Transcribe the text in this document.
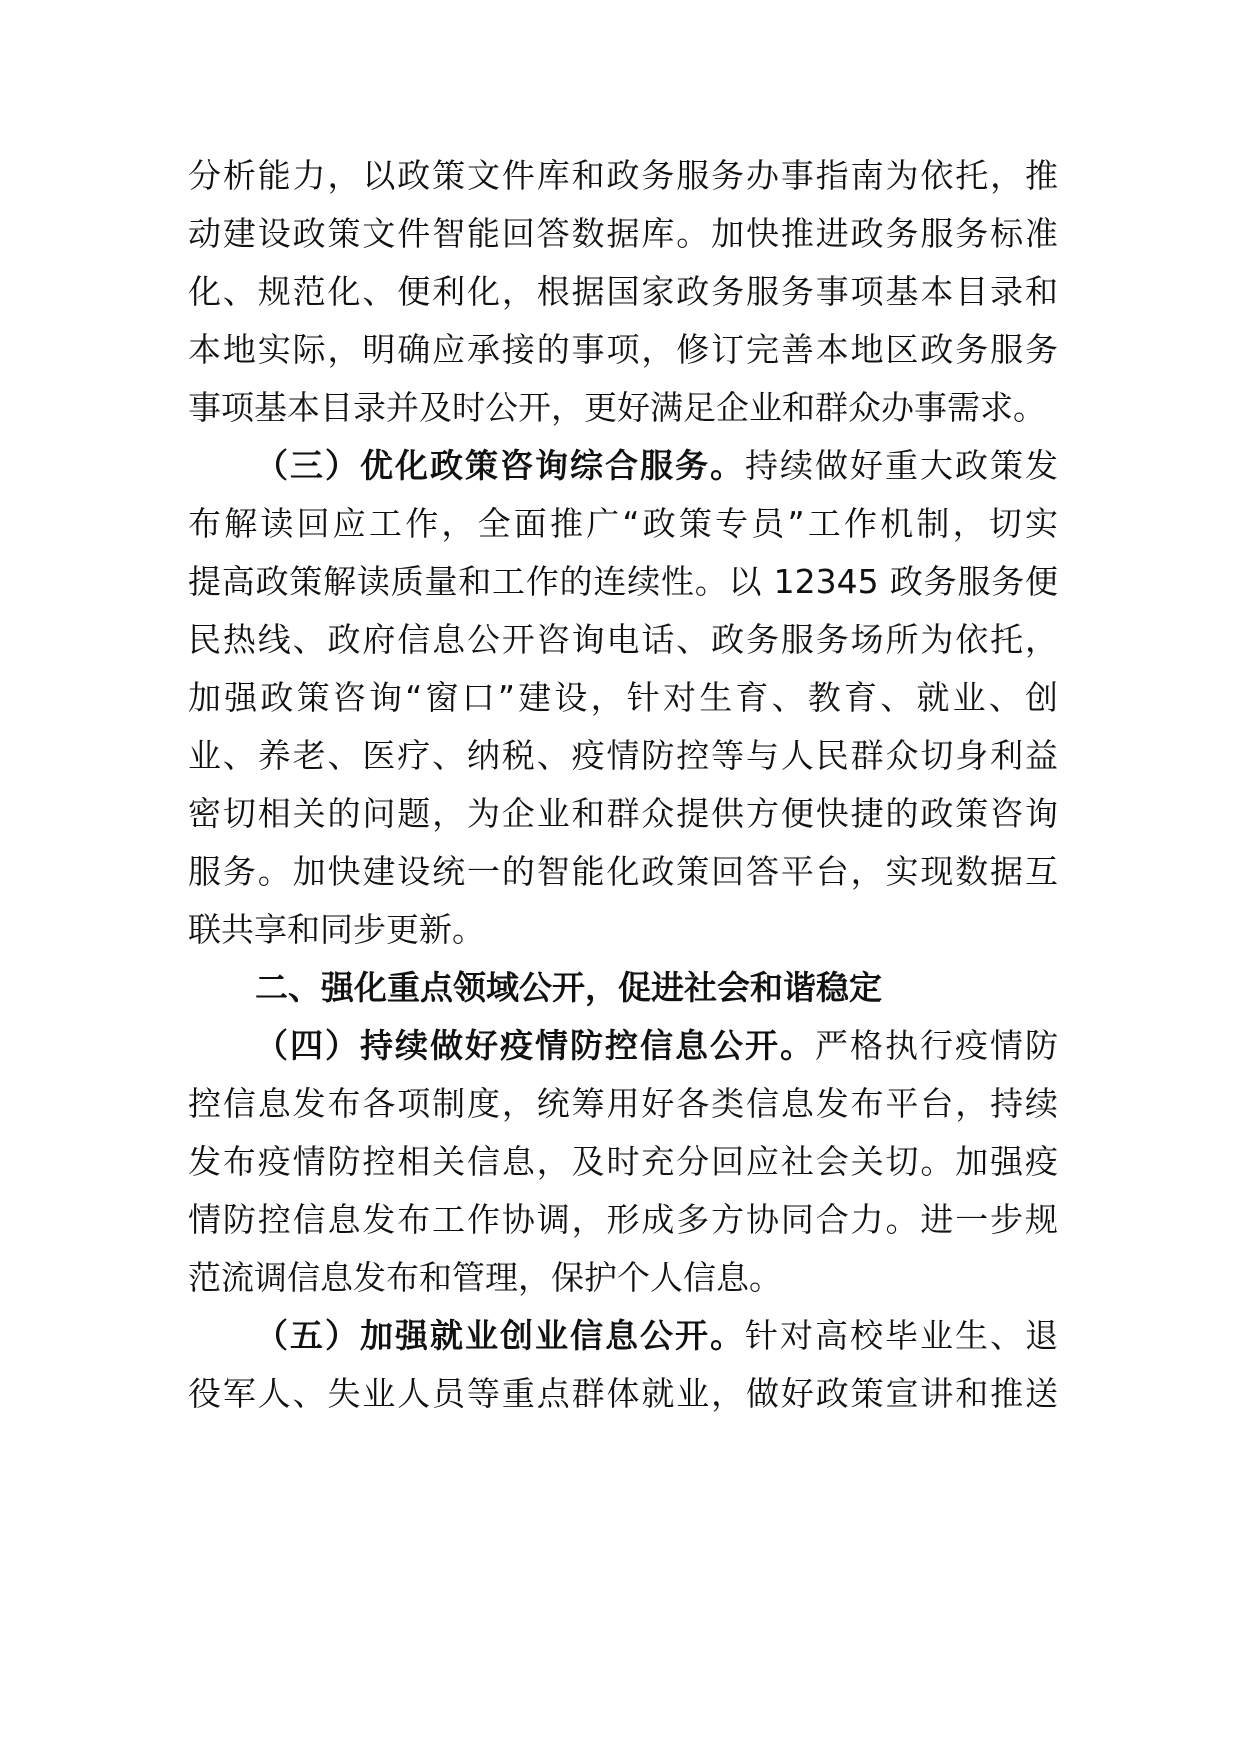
分析能力，以政策文件库和政务服务办事指南为依托，推
动建设政策文件智能回答数据库。加快推进政务服务标准
化、规范化、便利化，根据国家政务服务事项基本目录和
本地实际，明确应承接的事项，修订完善本地区政务服务
事项基本目录并及时公开，更好满足企业和群众办事需求。
（三）优化政策咨询综合服务。持续做好重大政策发
布解读回应工作，全面推广“政策专员”工作机制，切实
提高政策解读质量和工作的连续性。以 12345 政务服务便
民热线、政府信息公开咨询电话、政务服务场所为依托，
加强政策咨询“窗口”建设，针对生育、教育、就业、创
业、养老、医疗、纳税、疫情防控等与人民群众切身利益
密切相关的问题，为企业和群众提供方便快捷的政策咨询
服务。加快建设统一的智能化政策回答平台，实现数据互
联共享和同步更新。
二、强化重点领域公开，促进社会和谐稳定
（四）持续做好疫情防控信息公开。严格执行疫情防
控信息发布各项制度，统筹用好各类信息发布平台，持续
发布疫情防控相关信息，及时充分回应社会关切。加强疫
情防控信息发布工作协调，形成多方协同合力。进一步规
范流调信息发布和管理，保护个人信息。
（五）加强就业创业信息公开。针对高校毕业生、退
役军人、失业人员等重点群体就业，做好政策宣讲和推送
